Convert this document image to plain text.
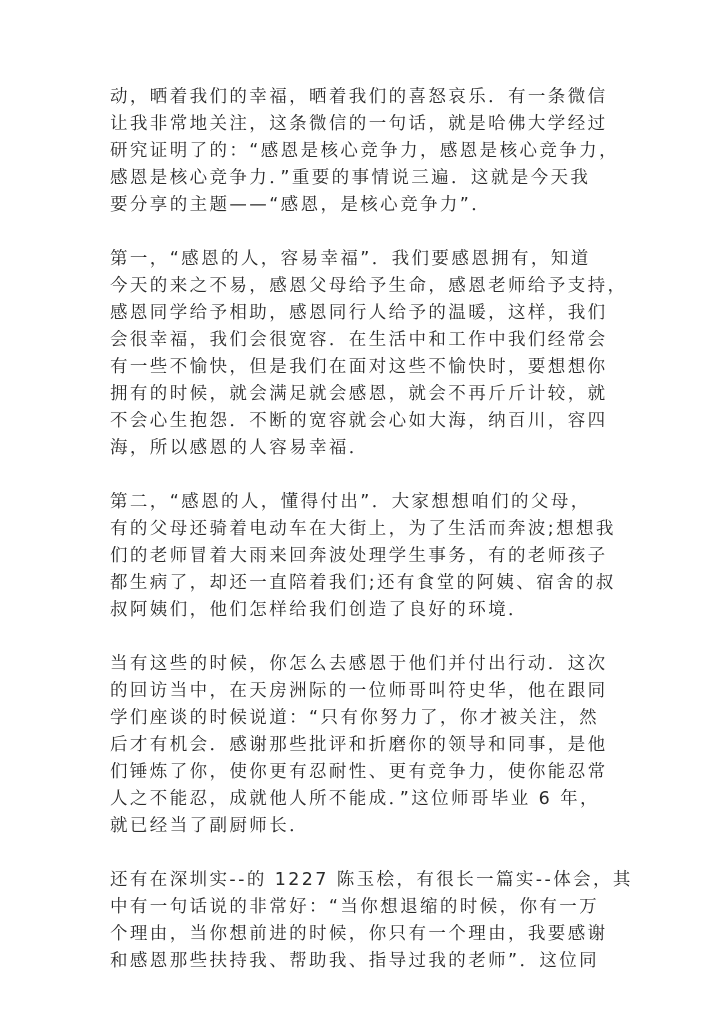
动，晒着我们的幸福，晒着我们的喜怒哀乐．有一条微信
让我非常地关注，这条微信的一句话，就是哈佛大学经过
研究证明了的：“感恩是核心竞争力，感恩是核心竞争力，
感恩是核心竞争力．”重要的事情说三遍．这就是今天我
要分享的主题——“感恩，是核心竞争力”．

第一，“感恩的人，容易幸福”．我们要感恩拥有，知道
今天的来之不易，感恩父母给予生命，感恩老师给予支持，
感恩同学给予相助，感恩同行人给予的温暖，这样，我们
会很幸福，我们会很宽容．在生活中和工作中我们经常会
有一些不愉快，但是我们在面对这些不愉快时，要想想你
拥有的时候，就会满足就会感恩，就会不再斤斤计较，就
不会心生抱怨．不断的宽容就会心如大海，纳百川，容四
海，所以感恩的人容易幸福．

第二，“感恩的人，懂得付出”．大家想想咱们的父母，
有的父母还骑着电动车在大街上，为了生活而奔波;想想我
们的老师冒着大雨来回奔波处理学生事务，有的老师孩子
都生病了，却还一直陪着我们;还有食堂的阿姨、宿舍的叔
叔阿姨们，他们怎样给我们创造了良好的环境．

当有这些的时候，你怎么去感恩于他们并付出行动．这次
的回访当中，在天房洲际的一位师哥叫符史华，他在跟同
学们座谈的时候说道：“只有你努力了，你才被关注，然
后才有机会．感谢那些批评和折磨你的领导和同事，是他
们锤炼了你，使你更有忍耐性、更有竞争力，使你能忍常
人之不能忍，成就他人所不能成．”这位师哥毕业 6 年，
就已经当了副厨师长．

还有在深圳实--的 1227 陈玉桧，有很长一篇实--体会，其
中有一句话说的非常好：“当你想退缩的时候，你有一万
个理由，当你想前进的时候，你只有一个理由，我要感谢
和感恩那些扶持我、帮助我、指导过我的老师”．这位同
